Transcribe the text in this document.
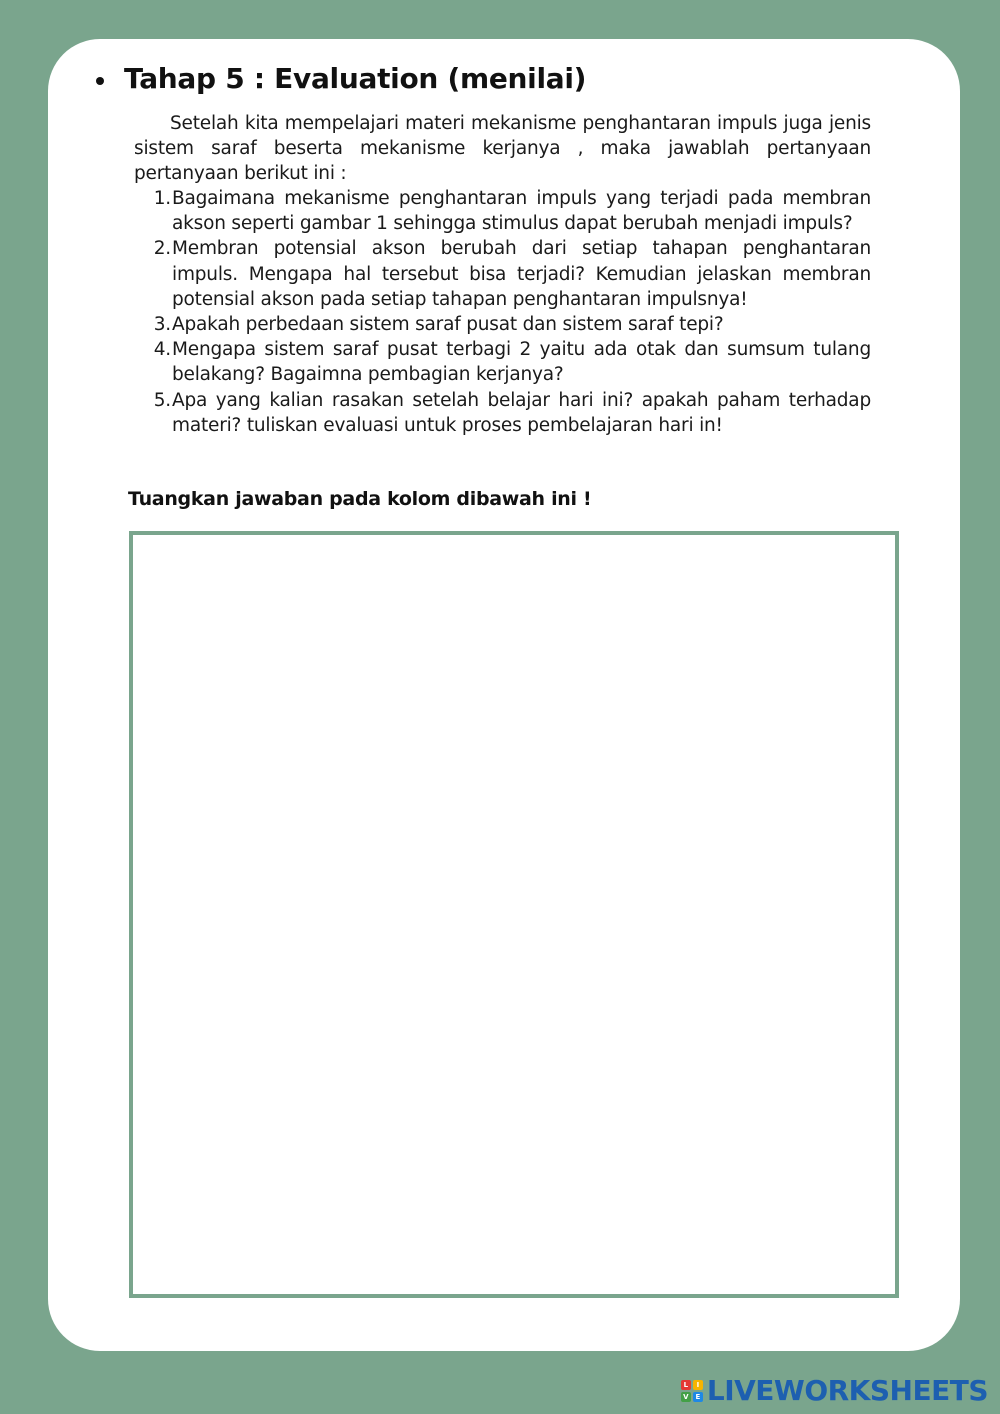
Tahap 5 : Evaluation (menilai)

Setelah kita mempelajari materi mekanisme penghantaran impuls juga jenis sistem saraf beserta mekanisme kerjanya , maka jawablah pertanyaan pertanyaan berikut ini :

1. Bagaimana mekanisme penghantaran impuls yang terjadi pada membran akson seperti gambar 1 sehingga stimulus dapat berubah menjadi impuls?
2. Membran potensial akson berubah dari setiap tahapan penghantaran impuls. Mengapa hal tersebut bisa terjadi? Kemudian jelaskan membran potensial akson pada setiap tahapan penghantaran impulsnya!
3. Apakah perbedaan sistem saraf pusat dan sistem saraf tepi?
4. Mengapa sistem saraf pusat terbagi 2 yaitu ada otak dan sumsum tulang belakang? Bagaimna pembagian kerjanya?
5. Apa yang kalian rasakan setelah belajar hari ini? apakah paham terhadap materi? tuliskan evaluasi untuk proses pembelajaran hari in!
Tuangkan jawaban pada kolom dibawah ini !
L	I
V E LIVEWORKSHEETS
